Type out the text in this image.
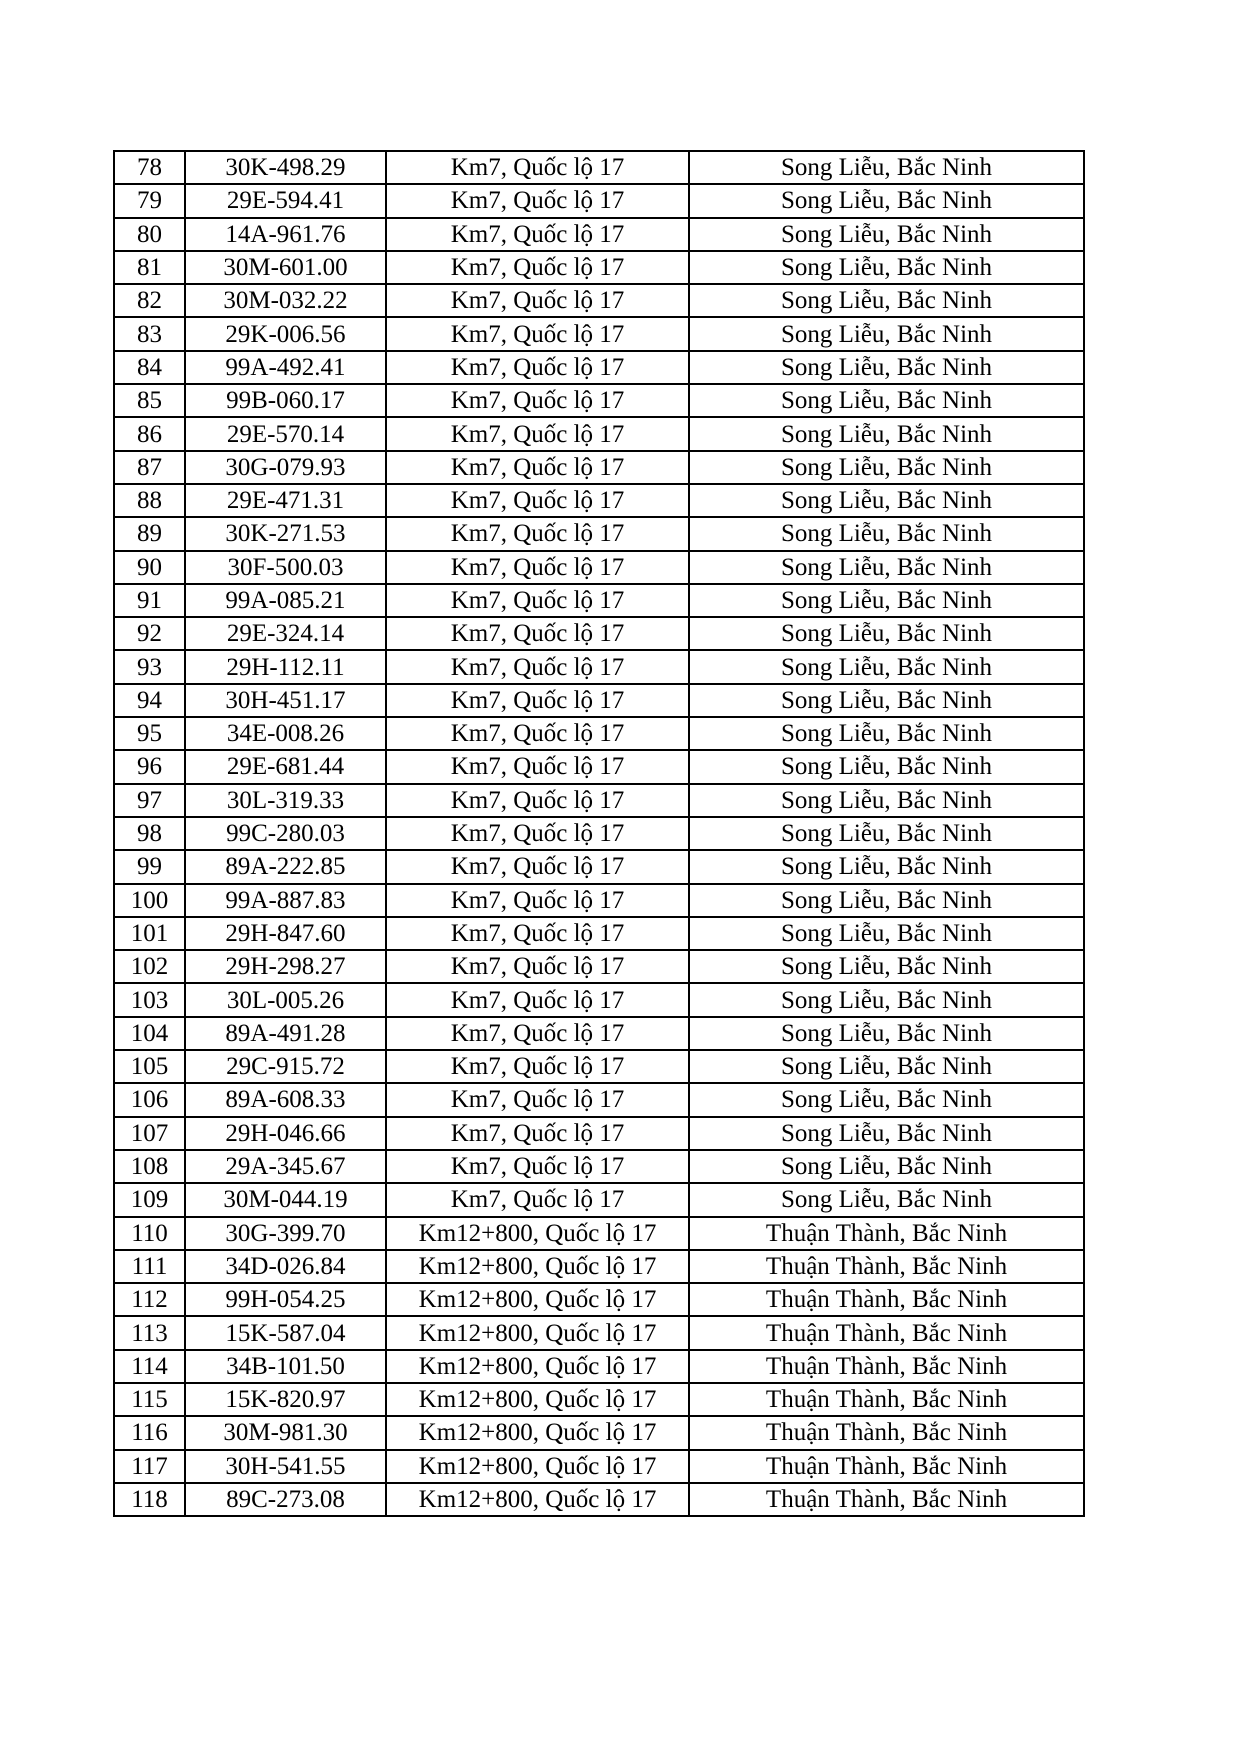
78	30K-498.29	Km7, Quốc lộ 17	Song Liễu, Bắc Ninh
79	29E-594.41	Km7, Quốc lộ 17	Song Liễu, Bắc Ninh
80	14A-961.76	Km7, Quốc lộ 17	Song Liễu, Bắc Ninh
81	30M-601.00	Km7, Quốc lộ 17	Song Liễu, Bắc Ninh
82	30M-032.22	Km7, Quốc lộ 17	Song Liễu, Bắc Ninh
83	29K-006.56	Km7, Quốc lộ 17	Song Liễu, Bắc Ninh
84	99A-492.41	Km7, Quốc lộ 17	Song Liễu, Bắc Ninh
85	99B-060.17	Km7, Quốc lộ 17	Song Liễu, Bắc Ninh
86	29E-570.14	Km7, Quốc lộ 17	Song Liễu, Bắc Ninh
87	30G-079.93	Km7, Quốc lộ 17	Song Liễu, Bắc Ninh
88	29E-471.31	Km7, Quốc lộ 17	Song Liễu, Bắc Ninh
89	30K-271.53	Km7, Quốc lộ 17	Song Liễu, Bắc Ninh
90	30F-500.03	Km7, Quốc lộ 17	Song Liễu, Bắc Ninh
91	99A-085.21	Km7, Quốc lộ 17	Song Liễu, Bắc Ninh
92	29E-324.14	Km7, Quốc lộ 17	Song Liễu, Bắc Ninh
93	29H-112.11	Km7, Quốc lộ 17	Song Liễu, Bắc Ninh
94	30H-451.17	Km7, Quốc lộ 17	Song Liễu, Bắc Ninh
95	34E-008.26	Km7, Quốc lộ 17	Song Liễu, Bắc Ninh
96	29E-681.44	Km7, Quốc lộ 17	Song Liễu, Bắc Ninh
97	30L-319.33	Km7, Quốc lộ 17	Song Liễu, Bắc Ninh
98	99C-280.03	Km7, Quốc lộ 17	Song Liễu, Bắc Ninh
99	89A-222.85	Km7, Quốc lộ 17	Song Liễu, Bắc Ninh
100	99A-887.83	Km7, Quốc lộ 17	Song Liễu, Bắc Ninh
101	29H-847.60	Km7, Quốc lộ 17	Song Liễu, Bắc Ninh
102	29H-298.27	Km7, Quốc lộ 17	Song Liễu, Bắc Ninh
103	30L-005.26	Km7, Quốc lộ 17	Song Liễu, Bắc Ninh
104	89A-491.28	Km7, Quốc lộ 17	Song Liễu, Bắc Ninh
105	29C-915.72	Km7, Quốc lộ 17	Song Liễu, Bắc Ninh
106	89A-608.33	Km7, Quốc lộ 17	Song Liễu, Bắc Ninh
107	29H-046.66	Km7, Quốc lộ 17	Song Liễu, Bắc Ninh
108	29A-345.67	Km7, Quốc lộ 17	Song Liễu, Bắc Ninh
109	30M-044.19	Km7, Quốc lộ 17	Song Liễu, Bắc Ninh
110	30G-399.70	Km12+800, Quốc lộ 17	Thuận Thành, Bắc Ninh
111	34D-026.84	Km12+800, Quốc lộ 17	Thuận Thành, Bắc Ninh
112	99H-054.25	Km12+800, Quốc lộ 17	Thuận Thành, Bắc Ninh
113	15K-587.04	Km12+800, Quốc lộ 17	Thuận Thành, Bắc Ninh
114	34B-101.50	Km12+800, Quốc lộ 17	Thuận Thành, Bắc Ninh
115	15K-820.97	Km12+800, Quốc lộ 17	Thuận Thành, Bắc Ninh
116	30M-981.30	Km12+800, Quốc lộ 17	Thuận Thành, Bắc Ninh
117	30H-541.55	Km12+800, Quốc lộ 17	Thuận Thành, Bắc Ninh
118	89C-273.08	Km12+800, Quốc lộ 17	Thuận Thành, Bắc Ninh
